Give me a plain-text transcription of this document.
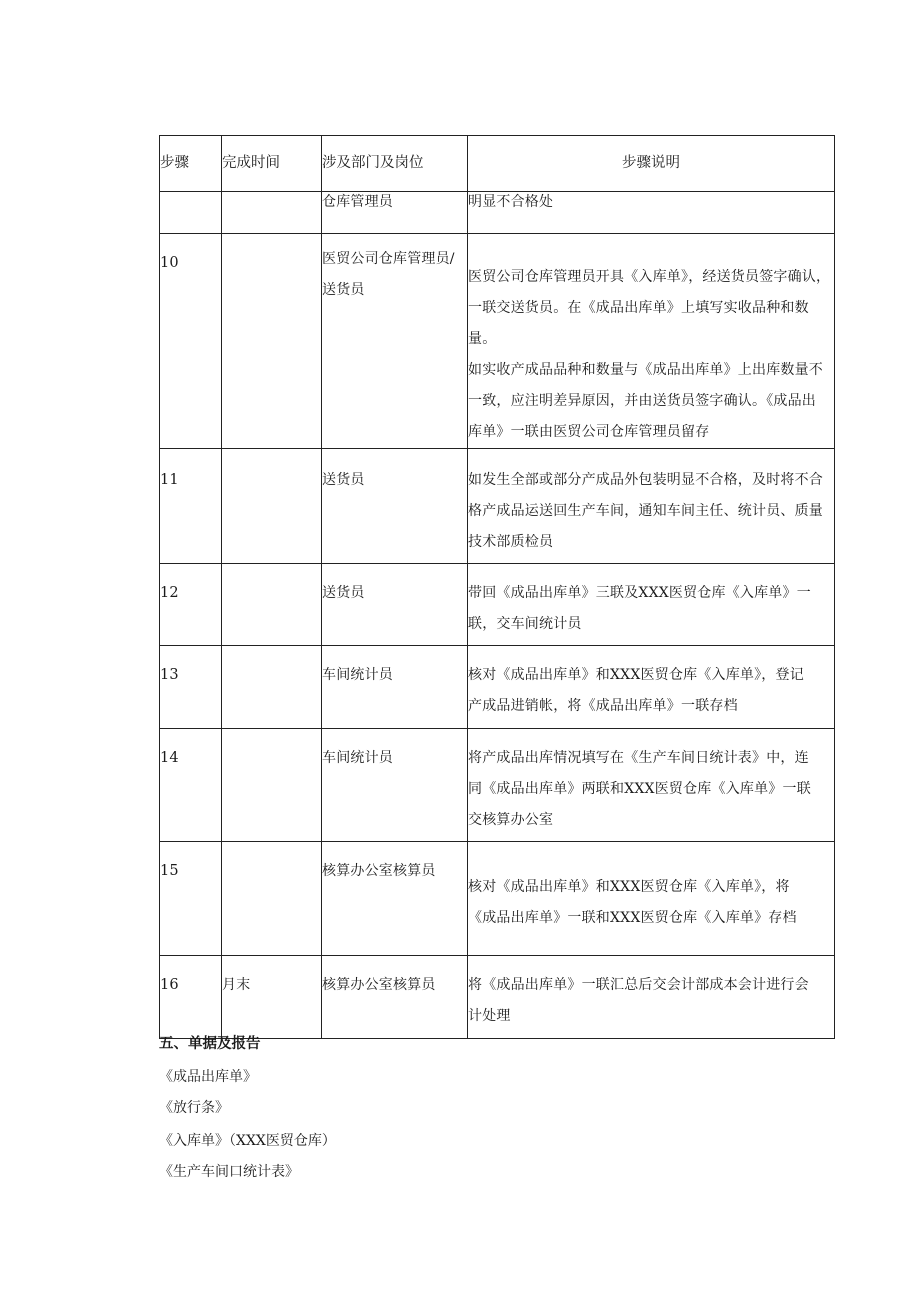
步骤	完成时间	涉及部门及岗位	步骤说明

		仓库管理员	明显不合格处

10		医贸公司仓库管理员/
送货员	医贸公司仓库管理员开具《入库单》，经送货员签字确认，
一联交送货员。在《成品出库单》上填写实收品种和数量。
如实收产成品品种和数量与《成品出库单》上出库数量不
一致，应注明差异原因，并由送货员签字确认。《成品出
库单》一联由医贸公司仓库管理员留存

11		送货员	如发生全部或部分产成品外包装明显不合格，及时将不合
格产成品运送回生产车间，通知车间主任、统计员、质量
技术部质检员

12		送货员	带回《成品出库单》三联及XXX医贸仓库《入库单》一
联，交车间统计员

13		车间统计员	核对《成品出库单》和XXX医贸仓库《入库单》，登记
产成品进销帐，将《成品出库单》一联存档

14		车间统计员	将产成品出库情况填写在《生产车间日统计表》中，连
同《成品出库单》两联和XXX医贸仓库《入库单》一联
交核算办公室

15		核算办公室核算员	核对《成品出库单》和XXX医贸仓库《入库单》，将
《成品出库单》一联和XXX医贸仓库《入库单》存档

16	月末	核算办公室核算员	将《成品出库单》一联汇总后交会计部成本会计进行会
计处理
五、单据及报告
《成品出库单》
《放行条》
《入库单》（XXX医贸仓库）
《生产车间口统计表》
